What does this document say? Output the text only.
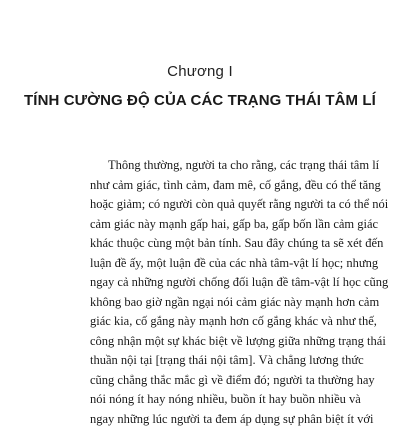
Chương I
TÍNH CƯỜNG ĐỘ CỦA CÁC TRẠNG THÁI TÂM LÍ
Thông thường, người ta cho rằng, các trạng thái tâm lí
như cảm giác, tình cảm, đam mê, cố gắng, đều có thể tăng
hoặc giảm; có người còn quả quyết rằng người ta có thể nói
cảm giác này mạnh gấp hai, gấp ba, gấp bốn lần cảm giác
khác thuộc cùng một bản tính. Sau đây chúng ta sẽ xét đến
luận đề ấy, một luận đề của các nhà tâm-vật lí học; nhưng
ngay cả những người chống đối luận đề tâm-vật lí học cũng
không bao giờ ngần ngại nói cảm giác này mạnh hơn cảm
giác kia, cố gắng này mạnh hơn cố gắng khác và như thế,
công nhận một sự khác biệt về lượng giữa những trạng thái
thuần nội tại [trạng thái nội tâm]. Và chẳng lương thức
cũng chẳng thắc mắc gì về điểm đó; người ta thường hay
nói nóng ít hay nóng nhiều, buồn ít hay buồn nhiều và
ngay những lúc người ta đem áp dụng sự phân biệt ít với
